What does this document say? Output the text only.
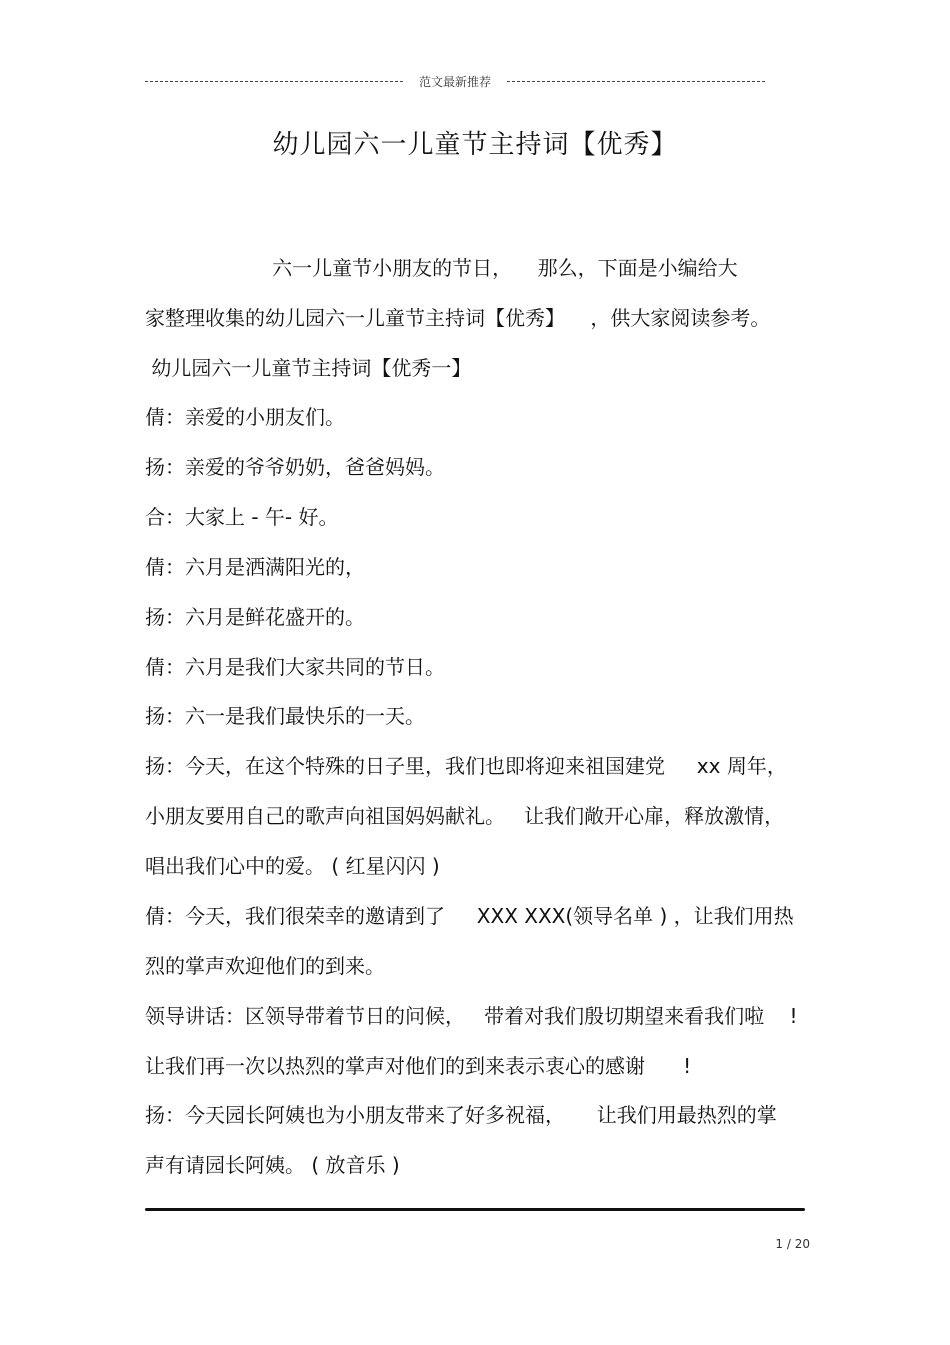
范文最新推荐
幼儿园六一儿童节主持词【优秀】
六一儿童节小朋友的节日，    那么，下面是小编给大
家整理收集的幼儿园六一儿童节主持词【优秀】    ，供大家阅读参考。
幼儿园六一儿童节主持词【优秀一】
倩：亲爱的小朋友们。
扬：亲爱的爷爷奶奶，爸爸妈妈。
合：大家上 - 午- 好。
倩：六月是洒满阳光的，
扬：六月是鲜花盛开的。
倩：六月是我们大家共同的节日。
扬：六一是我们最快乐的一天。
扬：今天，在这个特殊的日子里，我们也即将迎来祖国建党     xx 周年，
小朋友要用自己的歌声向祖国妈妈献礼。   让我们敞开心扉，释放激情，
唱出我们心中的爱。 ( 红星闪闪 )
倩：今天，我们很荣幸的邀请到了     XXX XXX(领导名单 ) ，让我们用热
烈的掌声欢迎他们的到来。
领导讲话：区领导带着节日的问候，   带着对我们殷切期望来看我们啦    !
让我们再一次以热烈的掌声对他们的到来表示衷心的感谢      !
扬：今天园长阿姨也为小朋友带来了好多祝福，     让我们用最热烈的掌
声有请园长阿姨。 ( 放音乐 )
1 / 20
